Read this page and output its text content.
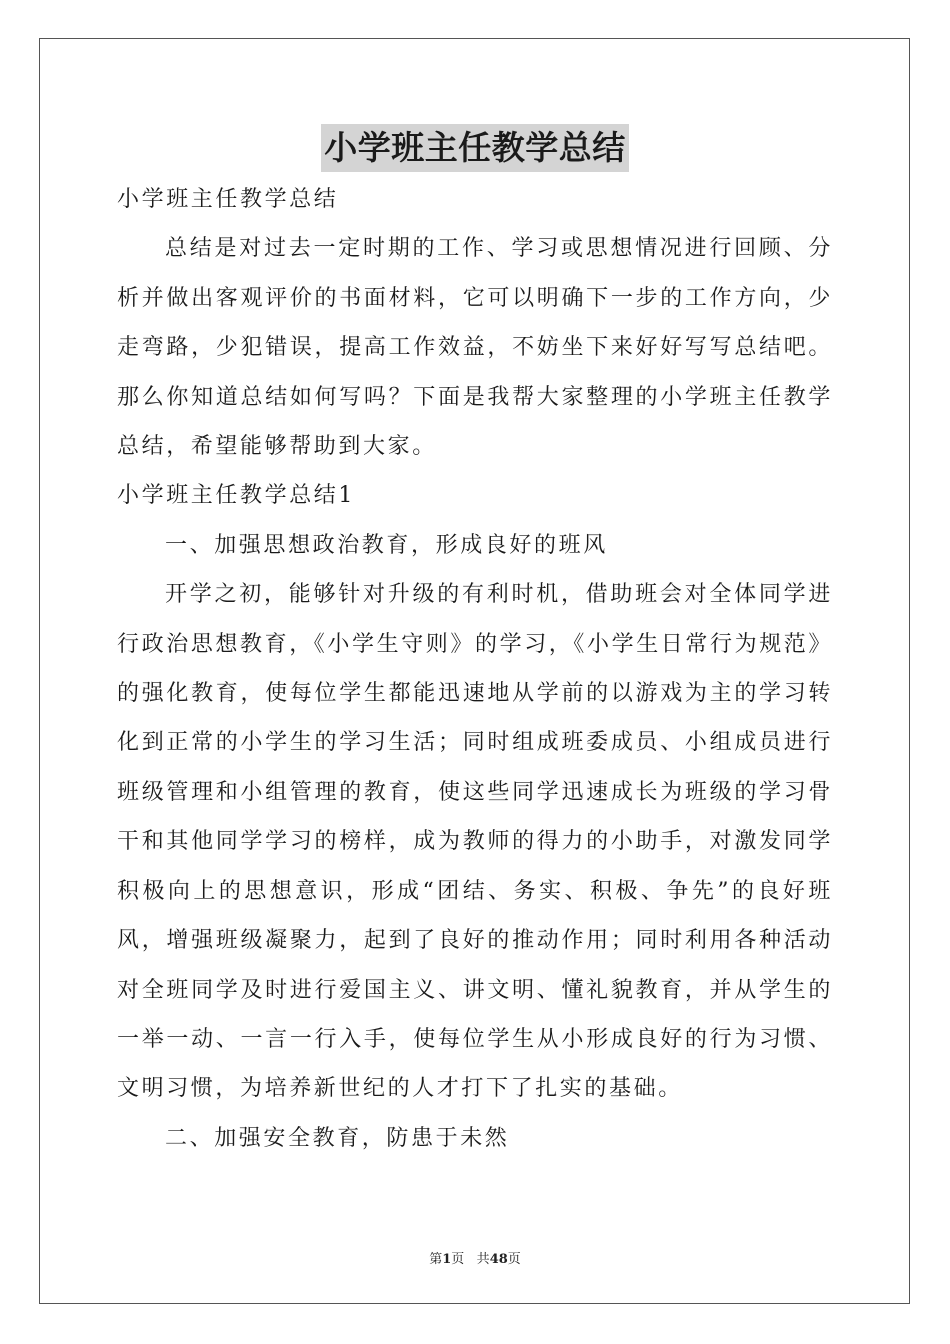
小学班主任教学总结

小学班主任教学总结

总结是对过去一定时期的工作、学习或思想情况进行回顾、分析并做出客观评价的书面材料，它可以明确下一步的工作方向，少走弯路，少犯错误，提高工作效益，不妨坐下来好好写写总结吧。那么你知道总结如何写吗？下面是我帮大家整理的小学班主任教学总结，希望能够帮助到大家。

小学班主任教学总结1

一、加强思想政治教育，形成良好的班风

开学之初，能够针对升级的有利时机，借助班会对全体同学进行政治思想教育，《小学生守则》的学习，《小学生日常行为规范》的强化教育，使每位学生都能迅速地从学前的以游戏为主的学习转化到正常的小学生的学习生活；同时组成班委成员、小组成员进行班级管理和小组管理的教育，使这些同学迅速成长为班级的学习骨干和其他同学学习的榜样，成为教师的得力的小助手，对激发同学积极向上的思想意识，形成“团结、务实、积极、争先”的良好班风，增强班级凝聚力，起到了良好的推动作用；同时利用各种活动对全班同学及时进行爱国主义、讲文明、懂礼貌教育，并从学生的一举一动、一言一行入手，使每位学生从小形成良好的行为习惯、文明习惯，为培养新世纪的人才打下了扎实的基础。

二、加强安全教育，防患于未然

第1页 共48页
